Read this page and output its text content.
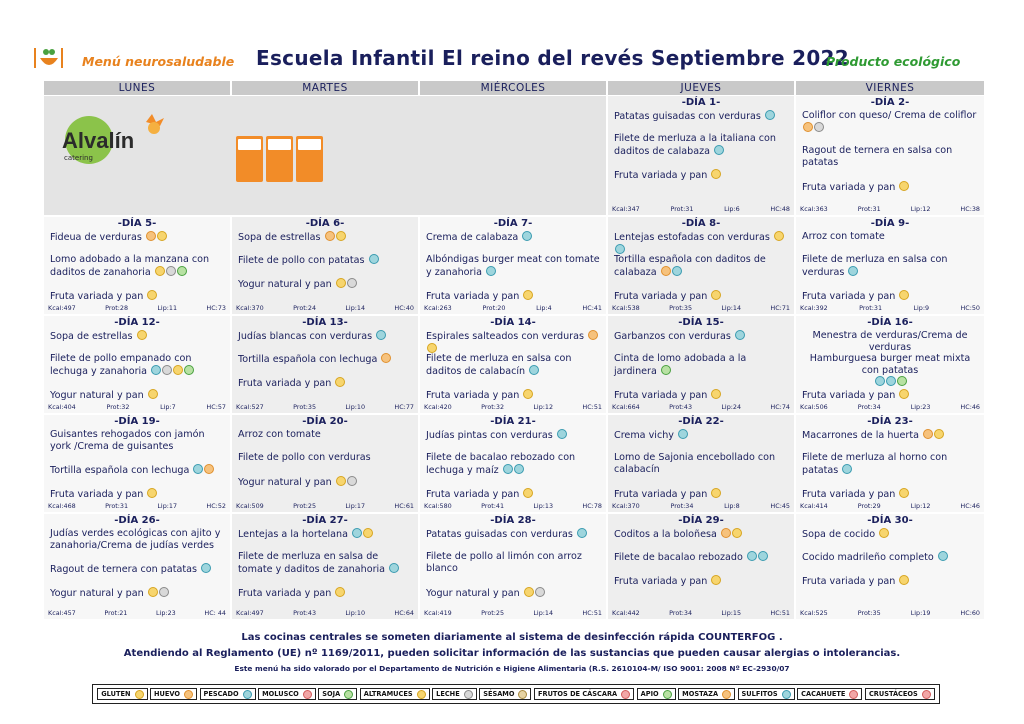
Menú neurosaludable Escuela Infantil El reino del revés Septiembre 2022
Producto ecológico
LUNES	MARTES	MIÉRCOLES	JUEVES	VIERNES
Alvalín
catering
-DÍA 1-
Patatas guisadas con verduras
Filete de merluza a la italiana con daditos de calabaza
Fruta variada y pan
Kcal:347	Prot:31	Lip:6	HC:48
-DÍA 2-
Coliflor con queso/ Crema de coliflor
Ragout de ternera en salsa con patatas
Fruta variada y pan
Kcal:363	Prot:31	Lip:12	HC:38
-DÍA 5-
Fideua de verduras
Lomo adobado a la manzana con daditos de zanahoria
Fruta variada y pan
Kcal:497	Prot:28	Lip:11	HC:73
-DÍA 6-
Sopa de estrellas
Filete de pollo con patatas
Yogur natural y pan
Kcal:370	Prot:24	Lip:14	HC:40
-DÍA 7-
Crema de calabaza
Albóndigas burger meat con tomate y zanahoria
Fruta variada y pan
Kcal:263	Prot:20	Lip:4	HC:41
-DÍA 8-
Lentejas estofadas con verduras
Tortilla española con daditos de calabaza
Fruta variada y pan
Kcal:538	Prot:35	Lip:14	HC:71
-DÍA 9-
Arroz con tomate
Filete de merluza en salsa con verduras
Fruta variada y pan
Kcal:392	Prot:31	Lip:9	HC:50
-DÍA 12-
Sopa de estrellas
Filete de pollo empanado con lechuga y zanahoria
Yogur natural y pan
Kcal:404	Prot:32	Lip:7	HC:57
-DÍA 13-
Judías blancas con verduras
Tortilla española con lechuga
Fruta variada y pan
Kcal:527	Prot:35	Lip:10	HC:77
-DÍA 14-
Espirales salteados con verduras
Filete de merluza en salsa con daditos de calabacín
Fruta variada y pan
Kcal:420	Prot:32	Lip:12	HC:51
-DÍA 15-
Garbanzos con verduras
Cinta de lomo adobada a la jardinera
Fruta variada y pan
Kcal:664	Prot:43	Lip:24	HC:74
-DÍA 16-
Menestra de verduras/Crema de verduras
Hamburguesa burger meat mixta con patatas

Fruta variada y pan
Kcal:506	Prot:34	Lip:23	HC:46
-DÍA 19-
Guisantes rehogados con jamón york /Crema de guisantes
Tortilla española con lechuga
Fruta variada y pan
Kcal:468	Prot:31	Lip:17	HC:52
-DÍA 20-
Arroz con tomate
Filete de pollo con verduras
Yogur natural y pan
Kcal:509	Prot:25	Lip:17	HC:61
-DÍA 21-
Judías pintas con verduras
Filete de bacalao rebozado con lechuga y maíz
Fruta variada y pan
Kcal:580	Prot:41	Lip:13	HC:78
-DÍA 22-
Crema vichy
Lomo de Sajonia encebollado con calabacín
Fruta variada y pan
Kcal:370	Prot:34	Lip:8	HC:45
-DÍA 23-
Macarrones de la huerta
Filete de merluza al horno con patatas
Fruta variada y pan
Kcal:414	Prot:29	Lip:12	HC:46
-DÍA 26-
Judías verdes ecológicas con ajito y zanahoria/Crema de judías verdes
Ragout de ternera con patatas
Yogur natural y pan
Kcal:457	Prot:21	Lip:23	HC: 44
-DÍA 27-
Lentejas a la hortelana
Filete de merluza en salsa de tomate y daditos de zanahoria
Fruta variada y pan
Kcal:497	Prot:43	Lip:10	HC:64
-DÍA 28-
Patatas guisadas con verduras
Filete de pollo al limón con arroz blanco
Yogur natural y pan
Kcal:419	Prot:25	Lip:14	HC:51
-DÍA 29-
Coditos a la boloñesa
Filete de bacalao rebozado
Fruta variada y pan
Kcal:442	Prot:34	Lip:15	HC:51
-DÍA 30-
Sopa de cocido
Cocido madrileño completo
Fruta variada y pan
Kcal:525	Prot:35	Lip:19	HC:60
Las cocinas centrales se someten diariamente al sistema de desinfección rápida COUNTERFOG .
Atendiendo al Reglamento (UE) nº 1169/2011, pueden solicitar información de las sustancias que pueden causar alergias o intolerancias.
Este menú ha sido valorado por el Departamento de Nutrición e Higiene Alimentaria (R.S. 2610104-M/ ISO 9001: 2008 Nº EC-2930/07
GLUTEN	HUEVO	PESCADO	MOLUSCO	SOJA	ALTRAMUCES	LECHE	SÉSAMO	FRUTOS DE CÁSCARA	APIO	MOSTAZA	SULFITOS	CACAHUETE	CRUSTÁCEOS
